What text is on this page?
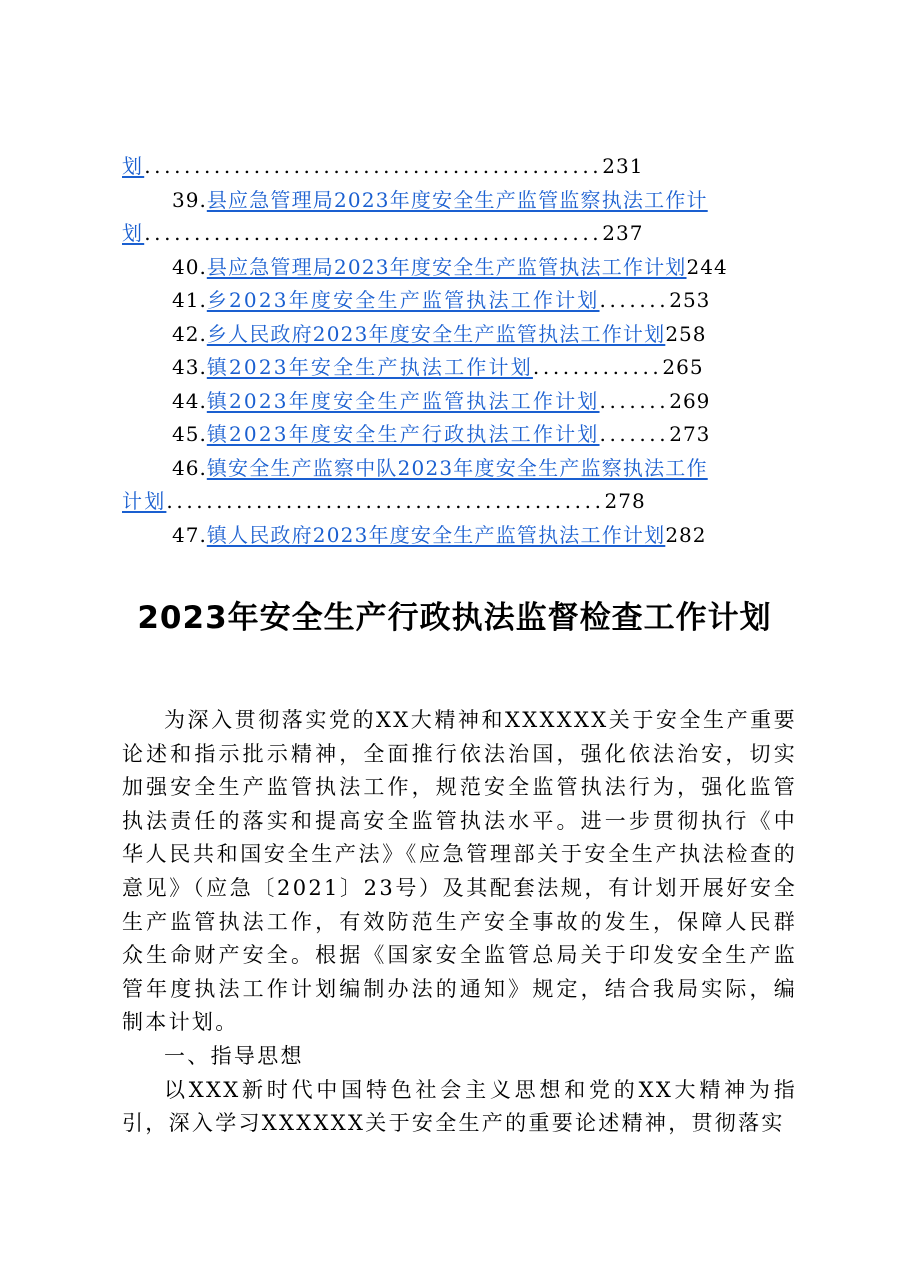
划..............................................231
39.县应急管理局2023年度安全生产监管监察执法工作计
划..............................................237
40.县应急管理局2023年度安全生产监管执法工作计划244
41.乡2023年度安全生产监管执法工作计划.......253
42.乡人民政府2023年度安全生产监管执法工作计划258
43.镇2023年安全生产执法工作计划.............265
44.镇2023年度安全生产监管执法工作计划.......269
45.镇2023年度安全生产行政执法工作计划.......273
46.镇安全生产监察中队2023年度安全生产监察执法工作
计划............................................278
47.镇人民政府2023年度安全生产监管执法工作计划282
2023年安全生产行政执法监督检查工作计划

为深入贯彻落实党的XX大精神和XXXXXX关于安全生产重要论述和指示批示精神，全面推行依法治国，强化依法治安，切实加强安全生产监管执法工作，规范安全监管执法行为，强化监管执法责任的落实和提高安全监管执法水平。进一步贯彻执行《中华人民共和国安全生产法》《应急管理部关于安全生产执法检查的意见》（应急〔2021〕23号）及其配套法规，有计划开展好安全生产监管执法工作，有效防范生产安全事故的发生，保障人民群众生命财产安全。根据《国家安全监管总局关于印发安全生产监管年度执法工作计划编制办法的通知》规定，结合我局实际，编制本计划。

一、指导思想

以XXX新时代中国特色社会主义思想和党的XX大精神为指引，深入学习XXXXXX关于安全生产的重要论述精神，贯彻落实
